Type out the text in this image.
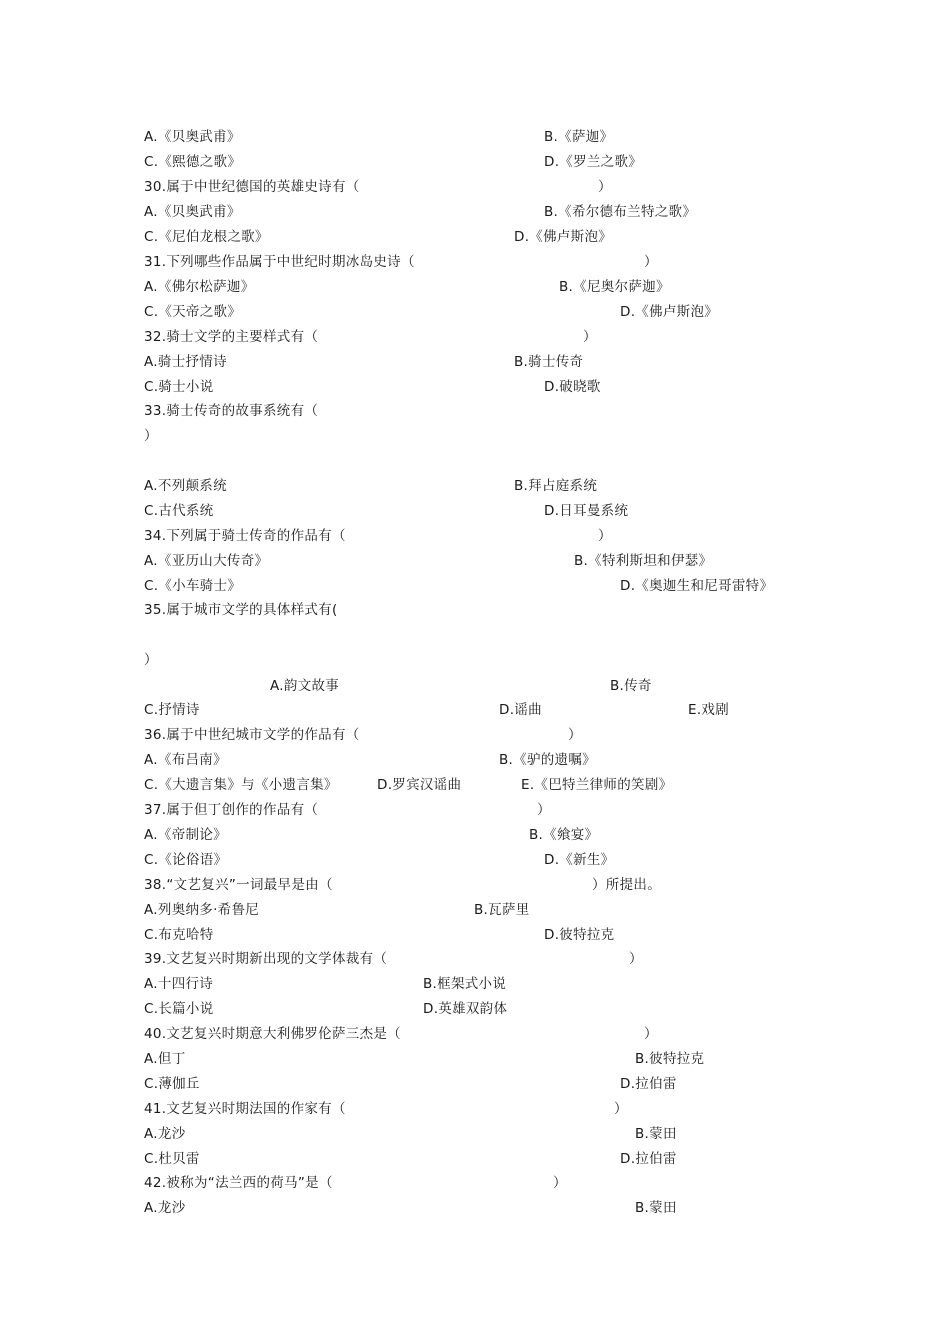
A.《贝奥武甫》	B.《萨迦》
C.《熙德之歌》	D.《罗兰之歌》
30.属于中世纪德国的英雄史诗有（	）
A.《贝奥武甫》	B.《希尔德布兰特之歌》
C.《尼伯龙根之歌》	D.《佛卢斯泡》
31.下列哪些作品属于中世纪时期冰岛史诗（	）
A.《佛尔松萨迦》	B.《尼奥尔萨迦》
C.《天帝之歌》	D.《佛卢斯泡》
32.骑士文学的主要样式有（	）
A.骑士抒情诗	B.骑士传奇
C.骑士小说	D.破晓歌
33.骑士传奇的故事系统有（
）
A.不列颠系统	B.拜占庭系统
C.古代系统	D.日耳曼系统
34.下列属于骑士传奇的作品有（	）
A.《亚历山大传奇》	B.《特利斯坦和伊瑟》
C.《小车骑士》	D.《奥迦生和尼哥雷特》
35.属于城市文学的具体样式有(
）
A.韵文故事	B.传奇
C.抒情诗	D.谣曲	E.戏剧
36.属于中世纪城市文学的作品有（	）
A.《布吕南》	B.《驴的遗嘱》
C.《大遗言集》与《小遗言集》	D.罗宾汉谣曲	E.《巴特兰律师的笑剧》
37.属于但丁创作的作品有（	）
A.《帝制论》	B.《飨宴》
C.《论俗语》	D.《新生》
38.“文艺复兴”一词最早是由（	）所提出。
A.列奥纳多·希鲁尼	B.瓦萨里
C.布克哈特	D.彼特拉克
39.文艺复兴时期新出现的文学体裁有（	）
A.十四行诗	B.框架式小说
C.长篇小说	D.英雄双韵体
40.文艺复兴时期意大利佛罗伦萨三杰是（	）
A.但丁	B.彼特拉克
C.薄伽丘	D.拉伯雷
41.文艺复兴时期法国的作家有（	）
A.龙沙	B.蒙田
C.杜贝雷	D.拉伯雷
42.被称为“法兰西的荷马”是（	）
A.龙沙	B.蒙田
